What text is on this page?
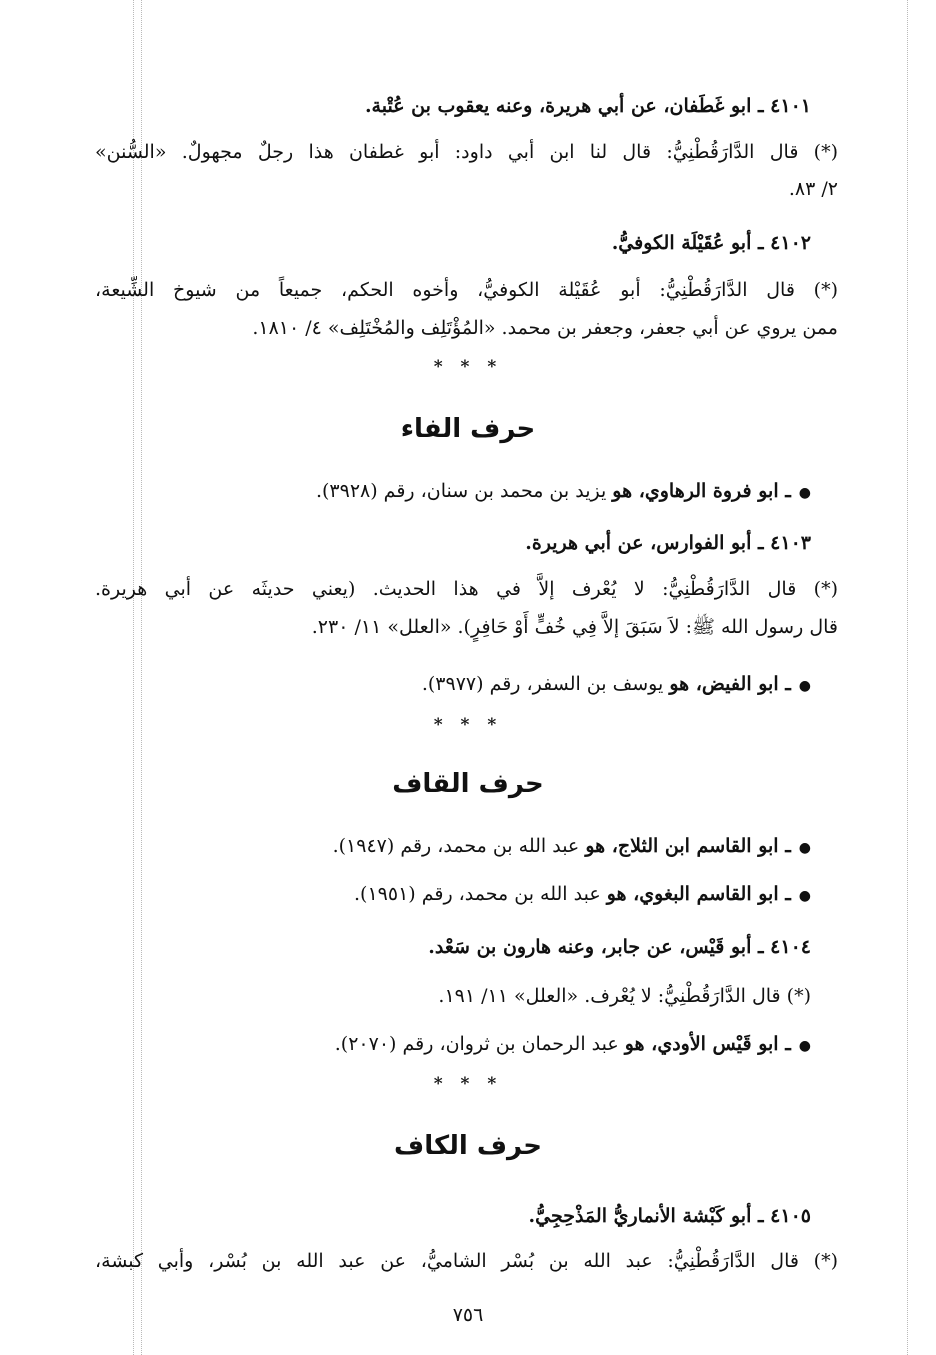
٤١٠١ ـ ابو غَطَفان، عن أبي هريرة، وعنه يعقوب بن عُتْبة.
(*) قال الدَّارَقُطْنِيُّ: قال لنا ابن أبي داود: أبو غطفان هذا رجلٌ مجهولٌ. «السُّنن»
٢/ ٨٣.
٤١٠٢ ـ أبو عُقَيْلَة الكوفيُّ.
(*) قال الدَّارَقُطْنِيُّ: أبو عُقَيْلة الكوفيُّ، وأخوه الحكم، جميعاً من شيوخ الشِّيعة،
ممن يروي عن أبي جعفر، وجعفر بن محمد. «المُؤْتَلِف والمُخْتَلِف» ٤/ ١٨١٠.
* * *
حرف الفاء
●ـ ابو فروة الرهاوي، هو يزيد بن محمد بن سنان، رقم (٣٩٢٨).
٤١٠٣ ـ أبو الفوارس، عن أبي هريرة.
(*) قال الدَّارَقُطْنِيُّ: لا يُعْرف إلاَّ في هذا الحديث. (يعني حديثَه عن أبي هريرة.
قال رسول الله ﷺ: لاَ سَبَقَ إلاَّ فِي خُفٍّ أَوْ حَافِرٍ). «العلل» ١١/ ٢٣٠.
●ـ ابو الفيض، هو يوسف بن السفر، رقم (٣٩٧٧).
* * *
حرف القاف
●ـ ابو القاسم ابن الثلاج، هو عبد الله بن محمد، رقم (١٩٤٧).
●ـ ابو القاسم البغوي، هو عبد الله بن محمد، رقم (١٩٥١).
٤١٠٤ ـ أبو قَيْس، عن جابر، وعنه هارون بن سَعْد.
(*) قال الدَّارَقُطْنِيُّ: لا يُعْرف. «العلل» ١١/ ١٩١.
●ـ ابو قَيْس الأودي، هو عبد الرحمان بن ثروان، رقم (٢٠٧٠).
* * *
حرف الكاف
٤١٠٥ ـ أبو كَبْشة الأنماريُّ المَذْحِجِيُّ.
(*) قال الدَّارَقُطْنِيُّ: عبد الله بن بُسْر الشاميُّ، عن عبد الله بن بُسْر، وأبي كبشة،
٧٥٦
